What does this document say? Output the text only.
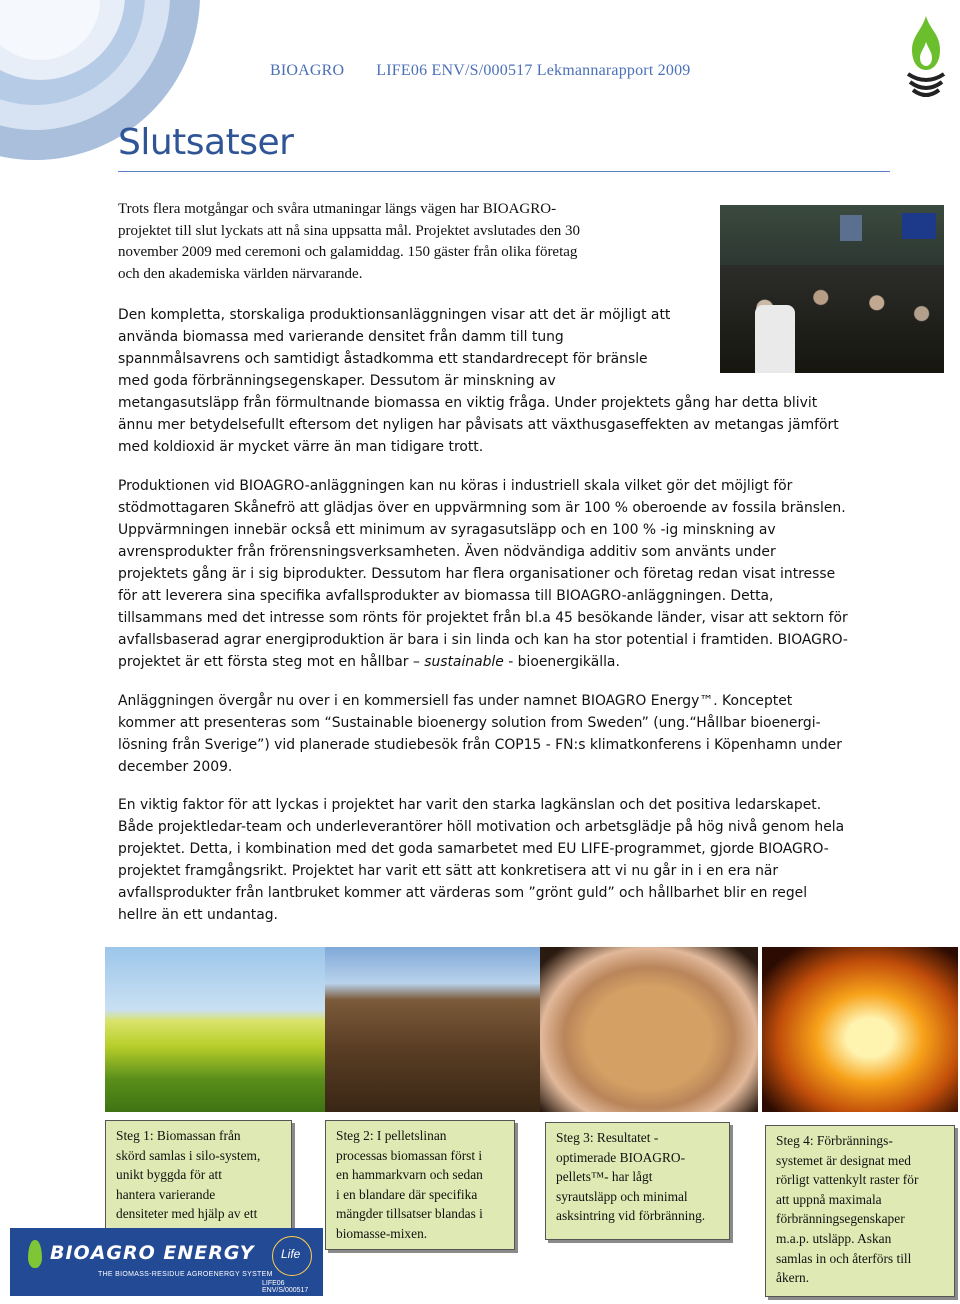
BIOAGRO LIFE06 ENV/S/000517 Lekmannarapport 2009
Slutsatser
Trots flera motgångar och svåra utmaningar längs vägen har BIOAGRO-
projektet till slut lyckats att nå sina uppsatta mål. Projektet avslutades den 30
november 2009 med ceremoni och galamiddag. 150 gäster från olika företag
och den akademiska världen närvarande.
Den kompletta, storskaliga produktionsanläggningen visar att det är möjligt att
använda biomassa med varierande densitet från damm till tung
spannmålsavrens och samtidigt åstadkomma ett standardrecept för bränsle
med goda förbränningsegenskaper. Dessutom är minskning av
metangasutsläpp från förmultnande biomassa en viktig fråga. Under projektets gång har detta blivit
ännu mer betydelsefullt eftersom det nyligen har påvisats att växthusgaseffekten av metangas jämfört
med koldioxid är mycket värre än man tidigare trott.
Produktionen vid BIOAGRO-anläggningen kan nu köras i industriell skala vilket gör det möjligt för
stödmottagaren Skånefrö att glädjas över en uppvärmning som är 100 % oberoende av fossila bränslen.
Uppvärmningen innebär också ett minimum av syragasutsläpp och en 100 % -ig minskning av
avrensprodukter från frörensningsverksamheten. Även nödvändiga additiv som använts under
projektets gång är i sig biprodukter. Dessutom har flera organisationer och företag redan visat intresse
för att leverera sina specifika avfallsprodukter av biomassa till BIOAGRO-anläggningen. Detta,
tillsammans med det intresse som rönts för projektet från bl.a 45 besökande länder, visar att sektorn för
avfallsbaserad agrar energiproduktion är bara i sin linda och kan ha stor potential i framtiden. BIOAGRO-
projektet är ett första steg mot en hållbar – sustainable - bioenergikälla.
Anläggningen övergår nu over i en kommersiell fas under namnet BIOAGRO Energy™. Konceptet
kommer att presenteras som “Sustainable bioenergy solution from Sweden” (ung.“Hållbar bioenergi-
lösning från Sverige”) vid planerade studiebesök från COP15 - FN:s klimatkonferens i Köpenhamn under
december 2009.
En viktig faktor för att lyckas i projektet har varit den starka lagkänslan och det positiva ledarskapet.
Både projektledar-team och underleverantörer höll motivation och arbetsglädje på hög nivå genom hela
projektet. Detta, i kombination med det goda samarbetet med EU LIFE-programmet, gjorde BIOAGRO-
projektet framgångsrikt. Projektet har varit ett sätt att konkretisera att vi nu går in i en era när
avfallsprodukter från lantbruket kommer att värderas som ”grönt guld” och hållbarhet blir en regel
hellre än ett undantag.
Steg 1: Biomassan från
skörd samlas i silo-system,
unikt byggda för att
hantera varierande
densiteter med hjälp av ett
Steg 2: I pelletslinan
processas biomassan först i
en hammarkvarn och sedan
i en blandare där specifika
mängder tillsatser blandas i
biomasse-mixen.
Steg 3: Resultatet -
optimerade BIOAGRO-
pellets™- har lågt
syrautsläpp och minimal
asksintring vid förbränning.
Steg 4: Förbrännings-
systemet är designat med
rörligt vattenkylt raster för
att uppnå maximala
förbränningsegenskaper
m.a.p. utsläpp. Askan
samlas in och återförs till
åkern.
BIOAGRO ENERGY
THE BIOMASS-RESIDUE AGROENERGY SYSTEM
Life
LIFE06 ENV/S/000517
